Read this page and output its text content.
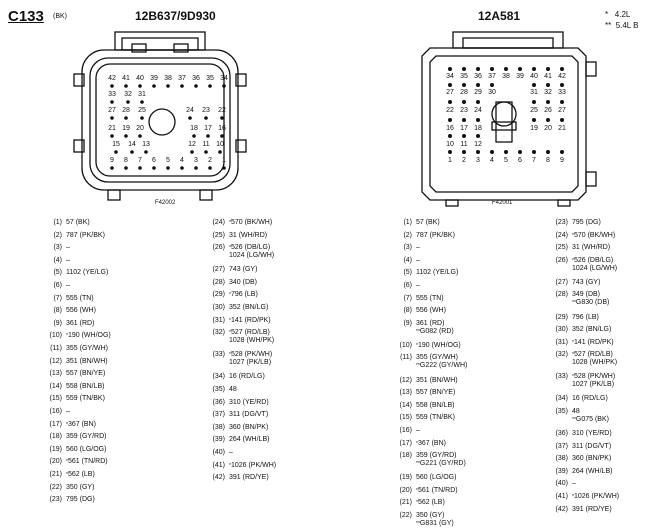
C133 (BK)	12B637/9D930	12A581	* 4.2L
** 5.4L B
42 41 40 39 38 37 36 35 34
33 32 31
27 28 25	24 23 22
21 19 20	18 17 16
15 14 13	12 11 10
9 8 7 6 5 4 3 2 1
F42002
34 35 36 37 38 39 40 41 42
27 28 29 30	31 32 33
22 23 24	25 26 27
16 17 18	19 20 21
10 11 12
1 2 3 4 5 6 7 8 9
F42001
(1) 57 (BK)
(2) 787 (PK/BK)
(3) –
(4) –
(5) 1102 (YE/LG)
(6) –
(7) 555 (TN)
(8) 556 (WH)
(9) 361 (RD)
(10) *190 (WH/OG)
(11) 355 (GY/WH)
(12) 351 (BN/WH)
(13) 557 (BN/YE)
(14) 558 (BN/LB)
(15) 559 (TN/BK)
(16) –
(17) *367 (BN)
(18) 359 (GY/RD)
(19) 560 (LG/OG)
(20) *561 (TN/RD)
(21) *562 (LB)
(22) 350 (GY)
(23) 795 (DG)
(24) *570 (BK/WH)
(25) 31 (WH/RD)
(26) *526 (DB/LG)
1024 (LG/WH)
(27) 743 (GY)
(28) 340 (DB)
(29) *796 (LB)
(30) 352 (BN/LG)
(31) *141 (RD/PK)
(32) *527 (RD/LB)
1028 (WH/PK)
(33) *528 (PK/WH)
1027 (PK/LB)
(34) 16 (RD/LG)
(35) 48
(36) 310 (YE/RD)
(37) 311 (DG/VT)
(38) 360 (BN/PK)
(39) 264 (WH/LB)
(40) –
(41) *1026 (PK/WH)
(42) 391 (RD/YE)
(1) 57 (BK)
(2) 787 (PK/BK)
(3) –
(4) –
(5) 1102 (YE/LG)
(6) –
(7) 555 (TN)
(8) 556 (WH)
(9) 361 (RD)
**G082 (RD)
(10) *190 (WH/OG)
(11) 355 (GY/WH)
**G222 (GY/WH)
(12) 351 (BN/WH)
(13) 557 (BN/YE)
(14) 558 (BN/LB)
(15) 559 (TN/BK)
(16) –
(17) *367 (BN)
(18) 359 (GY/RD)
**G221 (GY/RD)
(19) 560 (LG/OG)
(20) *561 (TN/RD)
(21) *562 (LB)
(22) 350 (GY)
**G831 (GY)
(23) 795 (DG)
(24) *570 (BK/WH)
(25) 31 (WH/RD)
(26) *526 (DB/LG)
1024 (LG/WH)
(27) 743 (GY)
(28) 349 (DB)
**G830 (DB)
(29) 796 (LB)
(30) 352 (BN/LG)
(31) *141 (RD/PK)
(32) *527 (RD/LB)
1028 (WH/PK)
(33) *528 (PK/WH)
1027 (PK/LB)
(34) 16 (RD/LG)
(35) 48
**G075 (BK)
(36) 310 (YE/RD)
(37) 311 (DG/VT)
(38) 360 (BN/PK)
(39) 264 (WH/LB)
(40) –
(41) *1026 (PK/WH)
(42) 391 (RD/YE)
